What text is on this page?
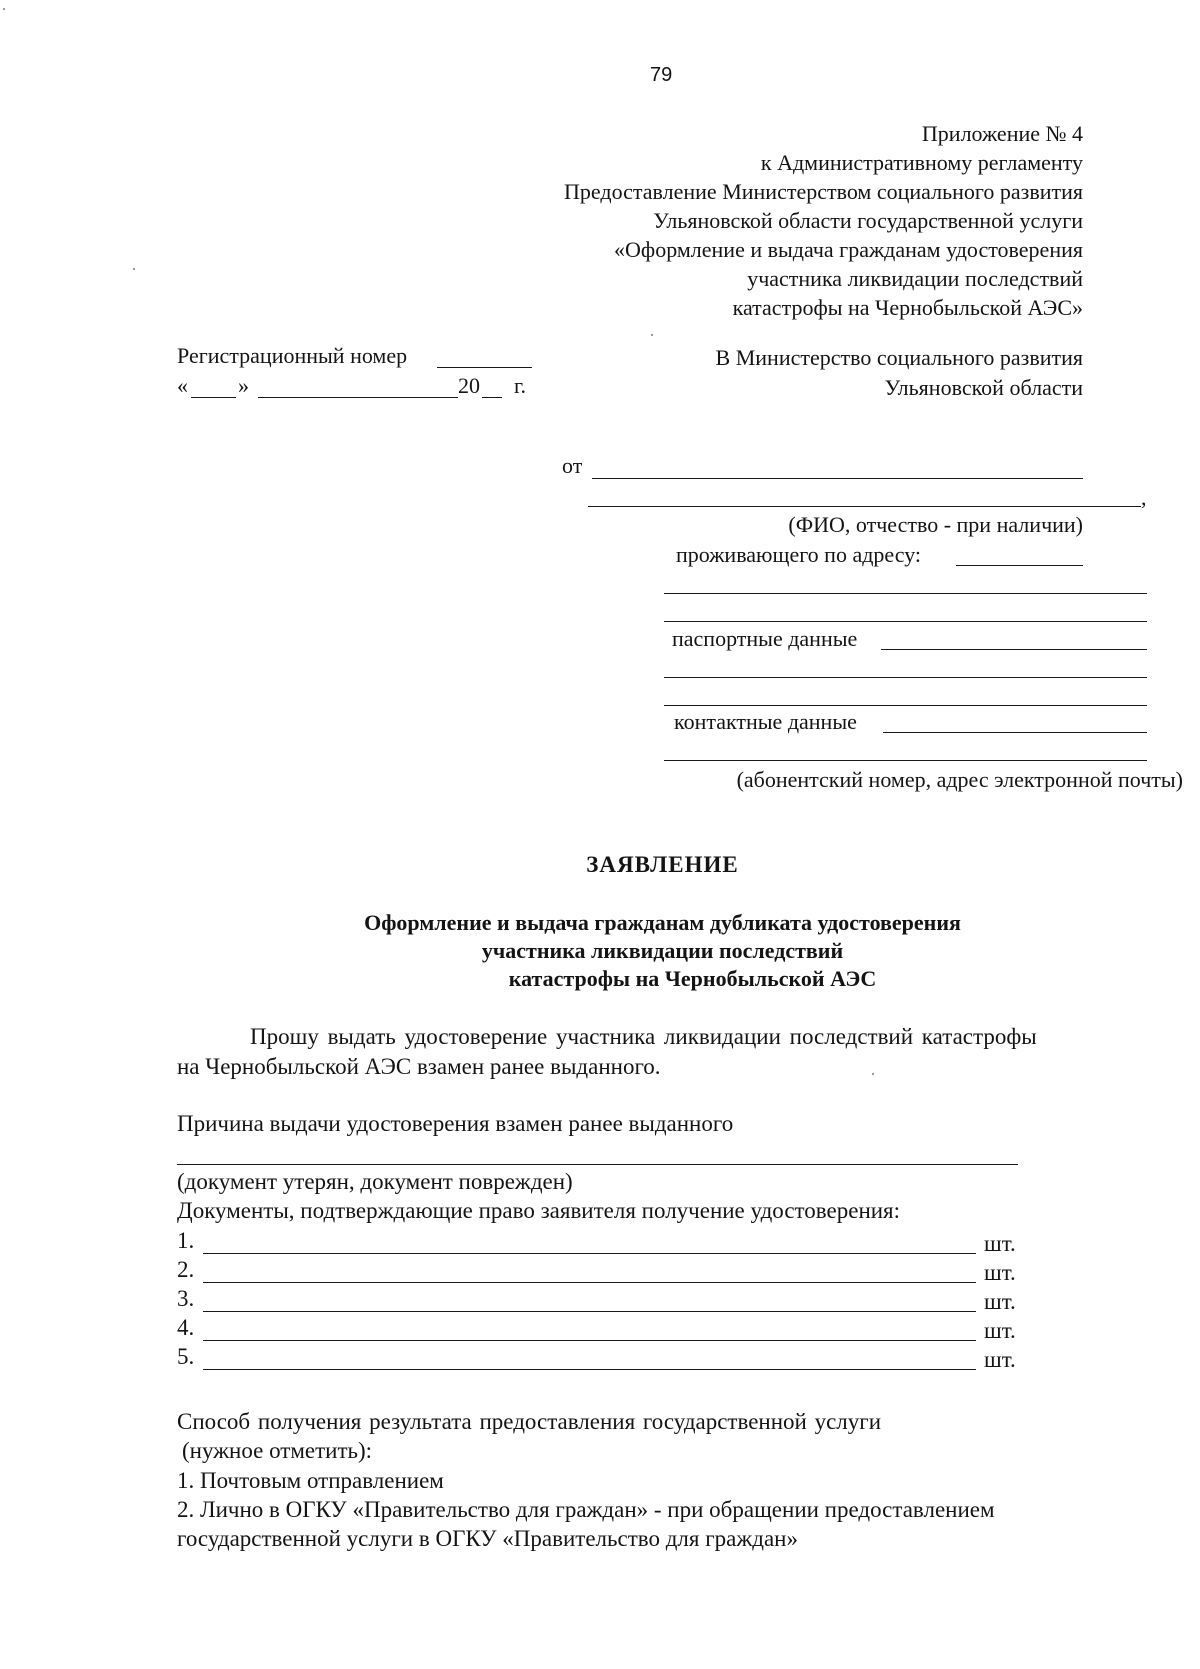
79
Приложение № 4
к Административному регламенту
Предоставление Министерством социального развития
Ульяновской области государственной услуги
«Оформление и выдача гражданам удостоверения
участника ликвидации последствий
катастрофы на Чернобыльской АЭС»
Регистрационный номер
« »	20 г.
В Министерство социального развития
Ульяновской области
от
,
(ФИО, отчество - при наличии)
проживающего по адресу:
паспортные данные
контактные данные
(абонентский номер, адрес электронной почты)
ЗАЯВЛЕНИЕ
Оформление и выдача гражданам дубликата удостоверения
участника ликвидации последствий
катастрофы на Чернобыльской АЭС
Прошу выдать удостоверение участника ликвидации последствий катастрофы
на Чернобыльской АЭС взамен ранее выданного.
Причина выдачи удостоверения взамен ранее выданного
(документ утерян, документ поврежден)
Документы, подтверждающие право заявителя получение удостоверения:
1.	шт.
2.	шт.
3.	шт.
4.	шт.
5.	шт.
Способ получения результата предоставления государственной услуги
(нужное отметить):
1. Почтовым отправлением
2. Лично в ОГКУ «Правительство для граждан» - при обращении предоставлением
государственной услуги в ОГКУ «Правительство для граждан»
